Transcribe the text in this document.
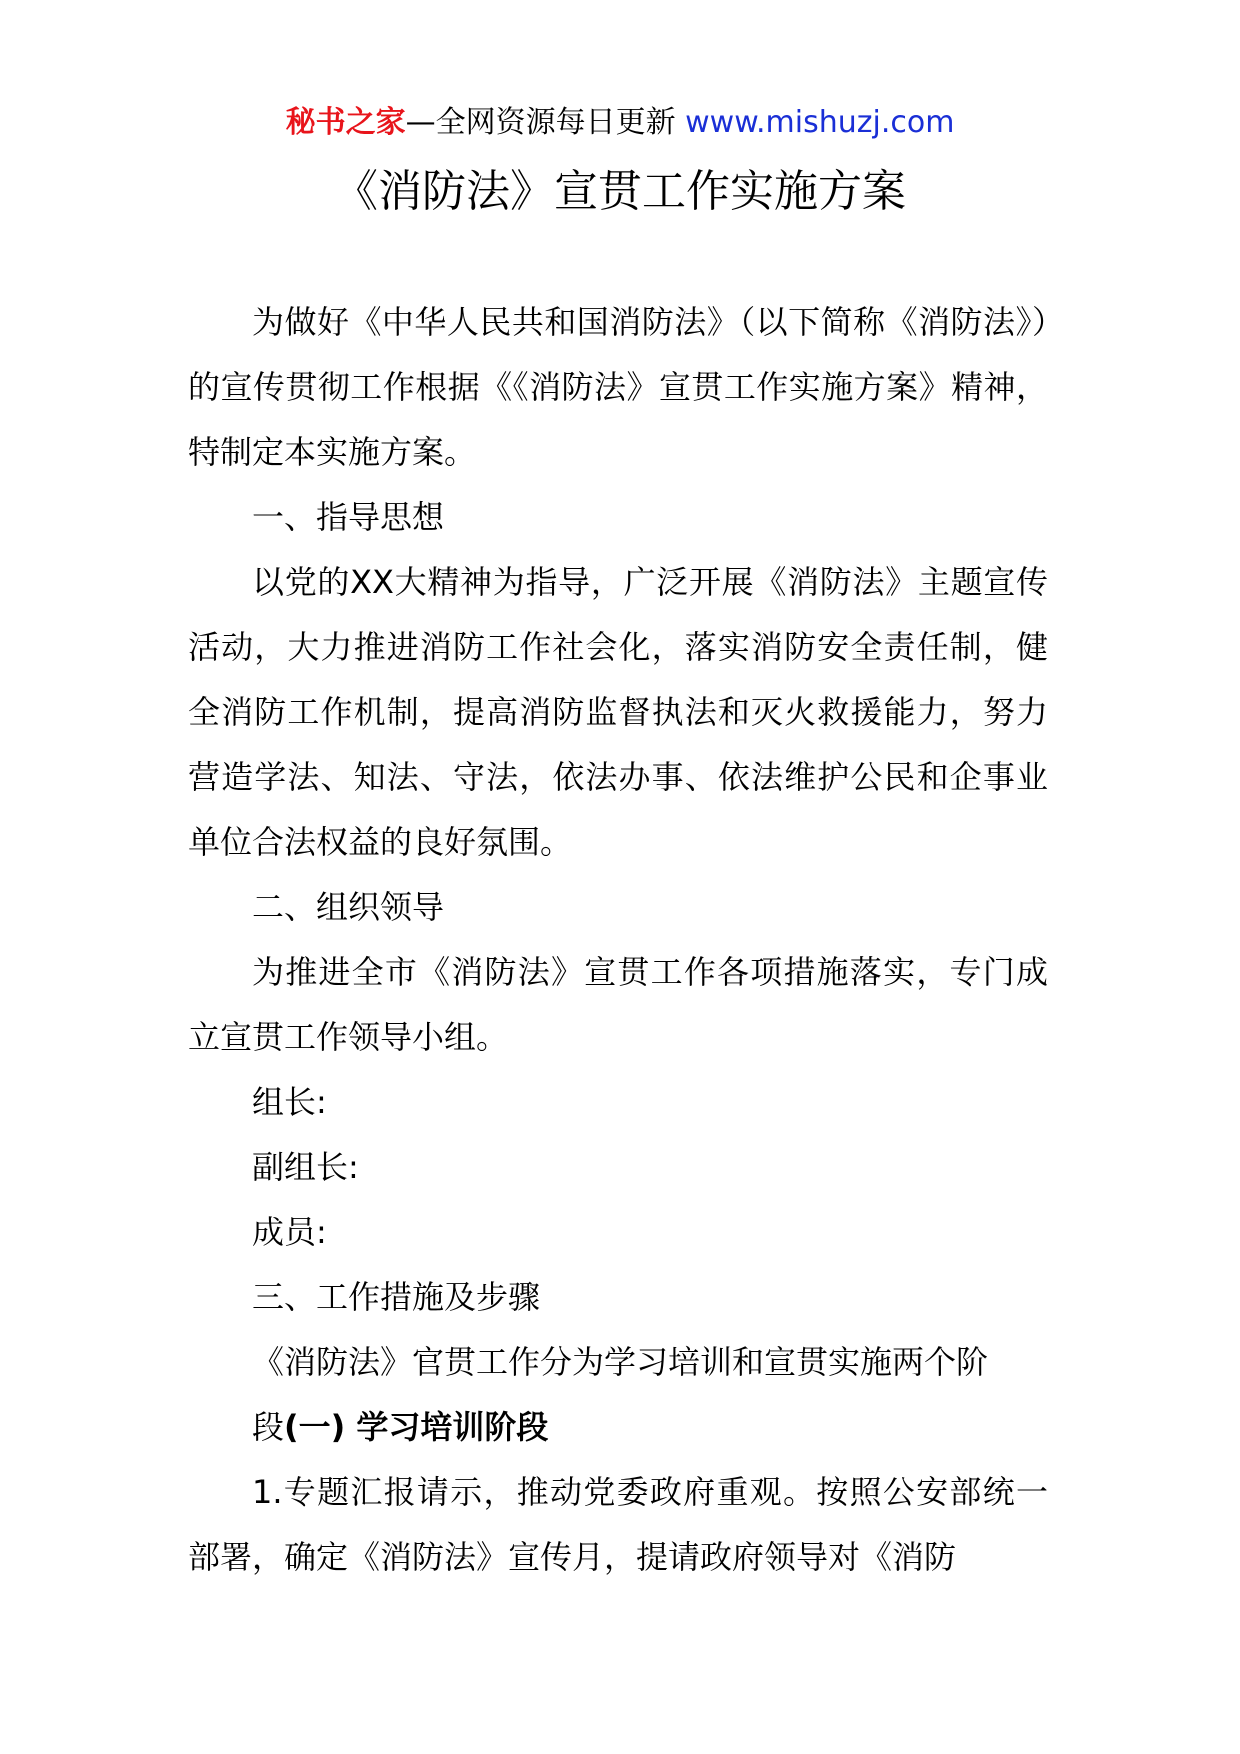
秘书之家—全网资源每日更新 www.mishuzj.com
《消防法》宣贯工作实施方案

为做好《中华人民共和国消防法》（以下简称《消防法》）的宣传贯彻工作根据《《消防法》宣贯工作实施方案》精神，特制定本实施方案。

一、指导思想

以党的XX大精神为指导，广泛开展《消防法》主题宣传活动，大力推进消防工作社会化，落实消防安全责任制，健全消防工作机制，提高消防监督执法和灭火救援能力，努力营造学法、知法、守法，依法办事、依法维护公民和企事业单位合法权益的良好氛围。

二、组织领导

为推进全市《消防法》宣贯工作各项措施落实，专门成立宣贯工作领导小组。

组长:

副组长:

成员:

三、工作措施及步骤

《消防法》官贯工作分为学习培训和宣贯实施两个阶

段(一) 学习培训阶段

1.专题汇报请示，推动党委政府重观。按照公安部统一部署，确定《消防法》宣传月，提请政府领导对《消防
